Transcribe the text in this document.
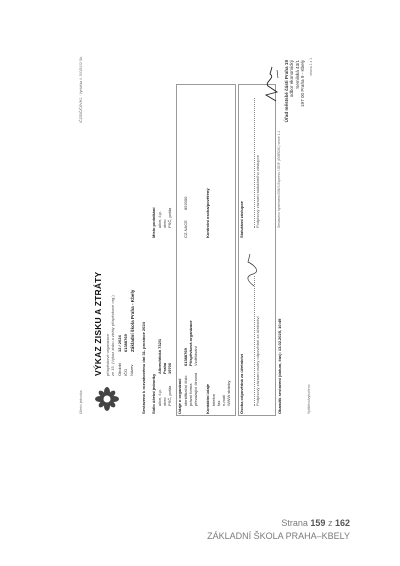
Účetní jednotka
IČZ/DIČ/ČÚV/K1 · Vyhláška č. 500/2002 Sb.
VÝKAZ ZISKU A ZTRÁTY příspěvkové organizace ze 15. (Výkaz zisku a ztráty příspěvkové org.) Období
12 / 2024
IČO
61388769
Název
Základní škola Praha - Kbely
Sestaveno k rozvahovému dni 31. prosince 2024 Sídlo účetní jednotky ulice, č.p.
Albrechtická 732/1
obec
Praha
PSČ, pošta
19700
Místo podnikání ulice, č.p. obec PSČ, pošta
Údaje o organizaci identifikační číslo
61388769
právní forma
Příspěvková organizace
převažující činnost
Vzdělávání
CZ-NACE
852000
Kontaktní údaje telefon fax e-mail WWW stránky
Kontrolní osoba/pověřený
Osoba odpovědná za účetnictví
Statutární zástupce
Podpisový záznam osoby odpovědné za účetnictví
Podpisový záznam statutárního zástupce
Okamžik sestavení (datum, čas): 13.02.2025, 10:49
Sestaveno systémem GINIS Express / GDF (GORDIC) verze 1.1
Vytištěno/vytvořeno
strana 1 z 1
Úřad městské části Praha 19 odbor ekonomický Semilská 43/1 197 00 Praha 9 - Kbely
Strana 159 z 162
ZÁKLADNÍ ŠKOLA PRAHA–KBELY
